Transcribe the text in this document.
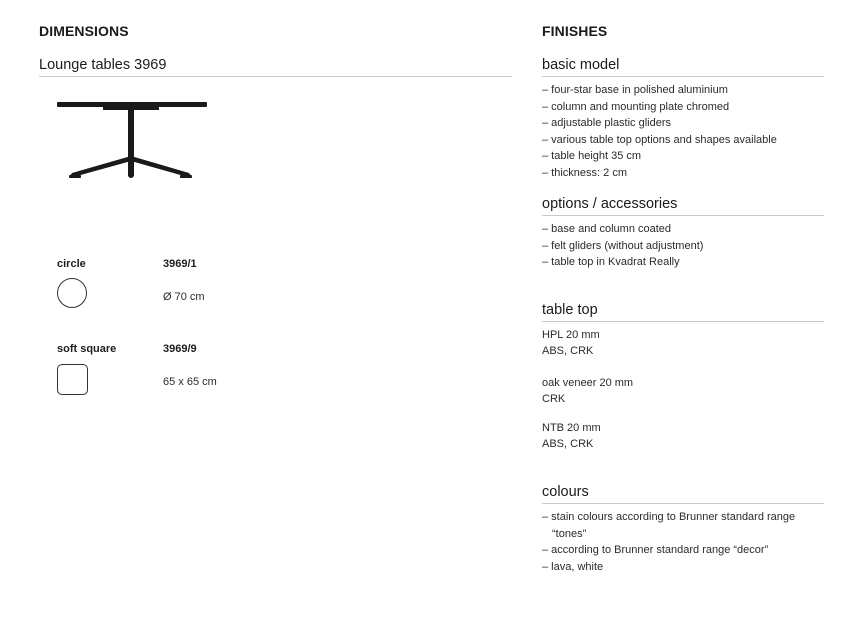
DIMENSIONS
Lounge tables 3969
circle	3969/1
Ø 70 cm
soft square	3969/9
65 x 65 cm
FINISHES
basic model
– four-star base in polished aluminium
– column and mounting plate chromed
– adjustable plastic gliders
– various table top options and shapes available
– table height 35 cm
– thickness: 2 cm
options / accessories
– base and column coated
– felt gliders (without adjustment)
– table top in Kvadrat Really
table top
HPL 20 mm
ABS, CRK
oak veneer 20 mm
CRK
NTB 20 mm
ABS, CRK
colours
– stain colours according to Brunner standard range “tones”
– according to Brunner standard range “decor”
– lava, white
